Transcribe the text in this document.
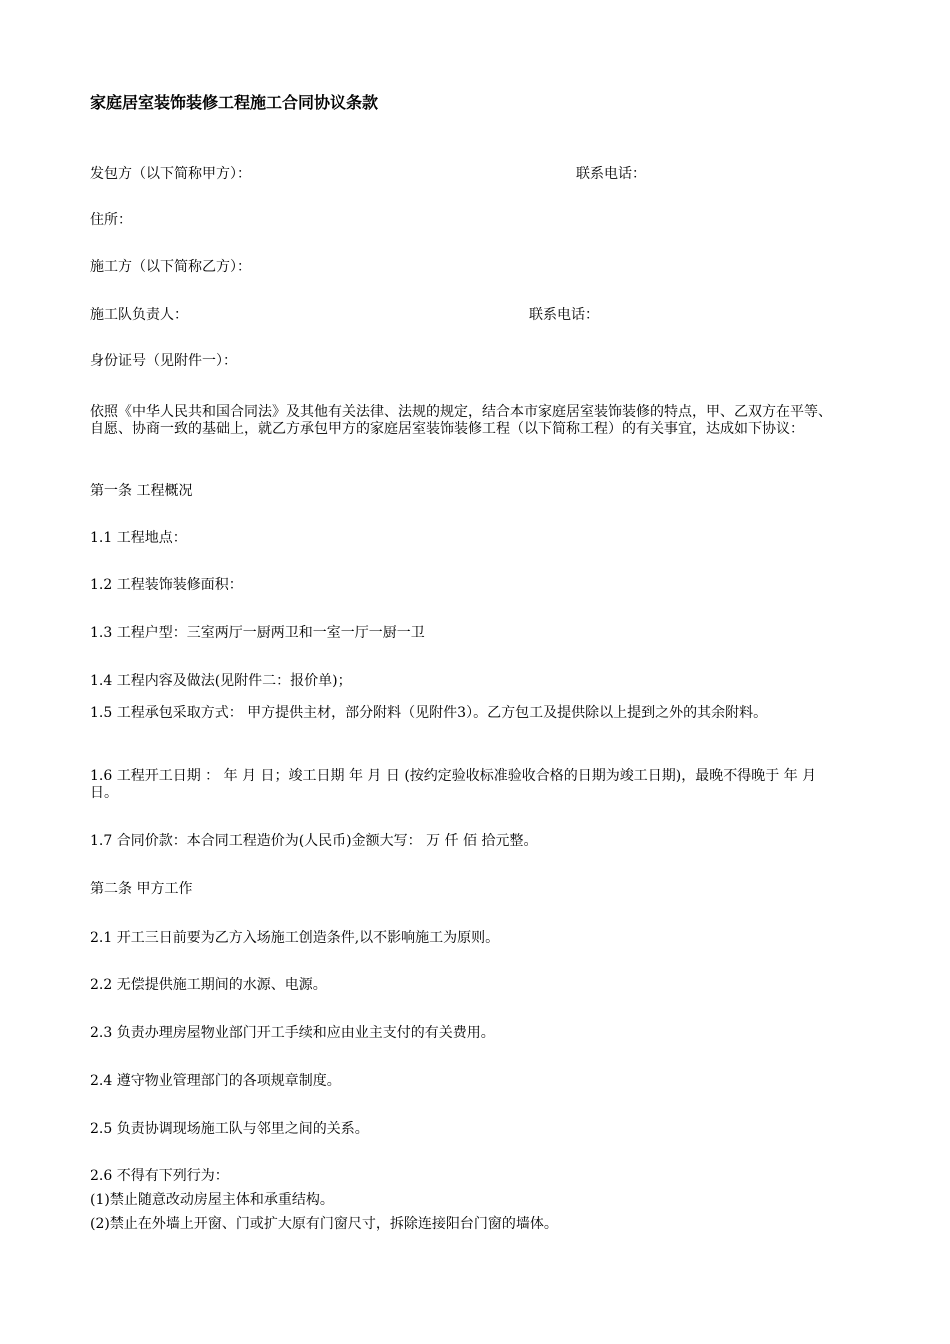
家庭居室装饰装修工程施工合同协议条款
发包方（以下简称甲方）：	联系电话：
住所：
施工方（以下简称乙方）：
施工队负责人：	联系电话：
身份证号（见附件一）：
依照《中华人民共和国合同法》及其他有关法律、法规的规定，结合本市家庭居室装饰装修的特点，甲、乙双方在平等、自愿、协商一致的基础上，就乙方承包甲方的家庭居室装饰装修工程（以下简称工程）的有关事宜，达成如下协议：
第一条 工程概况
1.1 工程地点：
1.2 工程装饰装修面积：
1.3 工程户型：三室两厅一厨两卫和一室一厅一厨一卫
1.4 工程内容及做法(见附件二：报价单)；
1.5 工程承包采取方式： 甲方提供主材，部分附料（见附件3）。乙方包工及提供除以上提到之外的其余附料。
1.6 工程开工日期 ： 年 月 日；竣工日期 年 月 日 (按约定验收标准验收合格的日期为竣工日期)，最晚不得晚于 年 月 日。
1.7 合同价款：本合同工程造价为(人民币)金额大写： 万 仟 佰 拾元整。
第二条 甲方工作
2.1 开工三日前要为乙方入场施工创造条件,以不影响施工为原则。
2.2 无偿提供施工期间的水源、电源。
2.3 负责办理房屋物业部门开工手续和应由业主支付的有关费用。
2.4 遵守物业管理部门的各项规章制度。
2.5 负责协调现场施工队与邻里之间的关系。
2.6 不得有下列行为：
(1)禁止随意改动房屋主体和承重结构。
(2)禁止在外墙上开窗、门或扩大原有门窗尺寸，拆除连接阳台门窗的墙体。
